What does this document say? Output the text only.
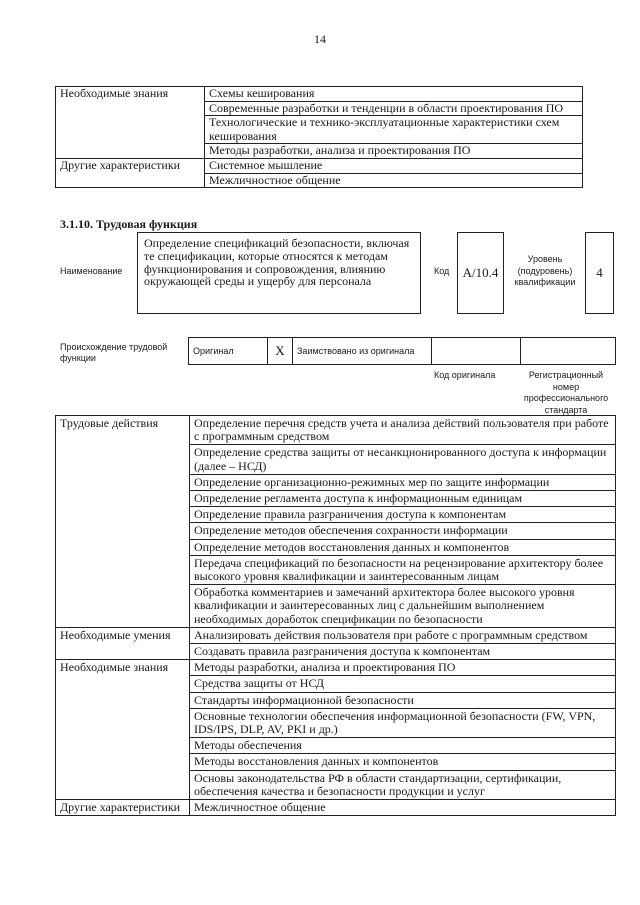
14
Необходимые знания	Схемы кеширования
	Современные разработки и тенденции в области проектирования ПО
	Технологические и технико-эксплуатационные характеристики схем кеширования
	Методы разработки, анализа и проектирования ПО
Другие характеристики	Системное мышление
	Межличностное общение
3.1.10. Трудовая функция
Наименование
Определение спецификаций безопасности, включая те спецификации, которые относятся к методам функционирования и сопровождения, влиянию окружающей среды и ущербу для персонала
Код	A/10.4
Уровень (подуровень) квалификации
4
Происхождение трудовой функции
Оригинал	X	Заимствовано из оригинала		
Код оригинала	Регистрационный номер профессионального стандарта
Трудовые действия	Определение перечня средств учета и анализа действий пользователя при работе с программным средством
	Определение средства защиты от несанкционированного доступа к информации (далее – НСД)
	Определение организационно-режимных мер по защите информации
	Определение регламента доступа к информационным единицам
	Определение правила разграничения доступа к компонентам
	Определение методов обеспечения сохранности информации
	Определение методов восстановления данных и компонентов
	Передача спецификаций по безопасности на рецензирование архитектору более высокого уровня квалификации и заинтересованным лицам
	Обработка комментариев и замечаний архитектора более высокого уровня квалификации и заинтересованных лиц с дальнейшим выполнением необходимых доработок спецификации по безопасности
Необходимые умения	Анализировать действия пользователя при работе с программным средством
	Создавать правила разграничения доступа к компонентам
Необходимые знания	Методы разработки, анализа и проектирования ПО
	Средства защиты от НСД
	Стандарты информационной безопасности
	Основные технологии обеспечения информационной безопасности (FW, VPN, IDS/IPS, DLP, AV, PKI и др.)
	Методы обеспечения
	Методы восстановления данных и компонентов
	Основы законодательства РФ в области стандартизации, сертификации, обеспечения качества и безопасности продукции и услуг
Другие характеристики	Межличностное общение
